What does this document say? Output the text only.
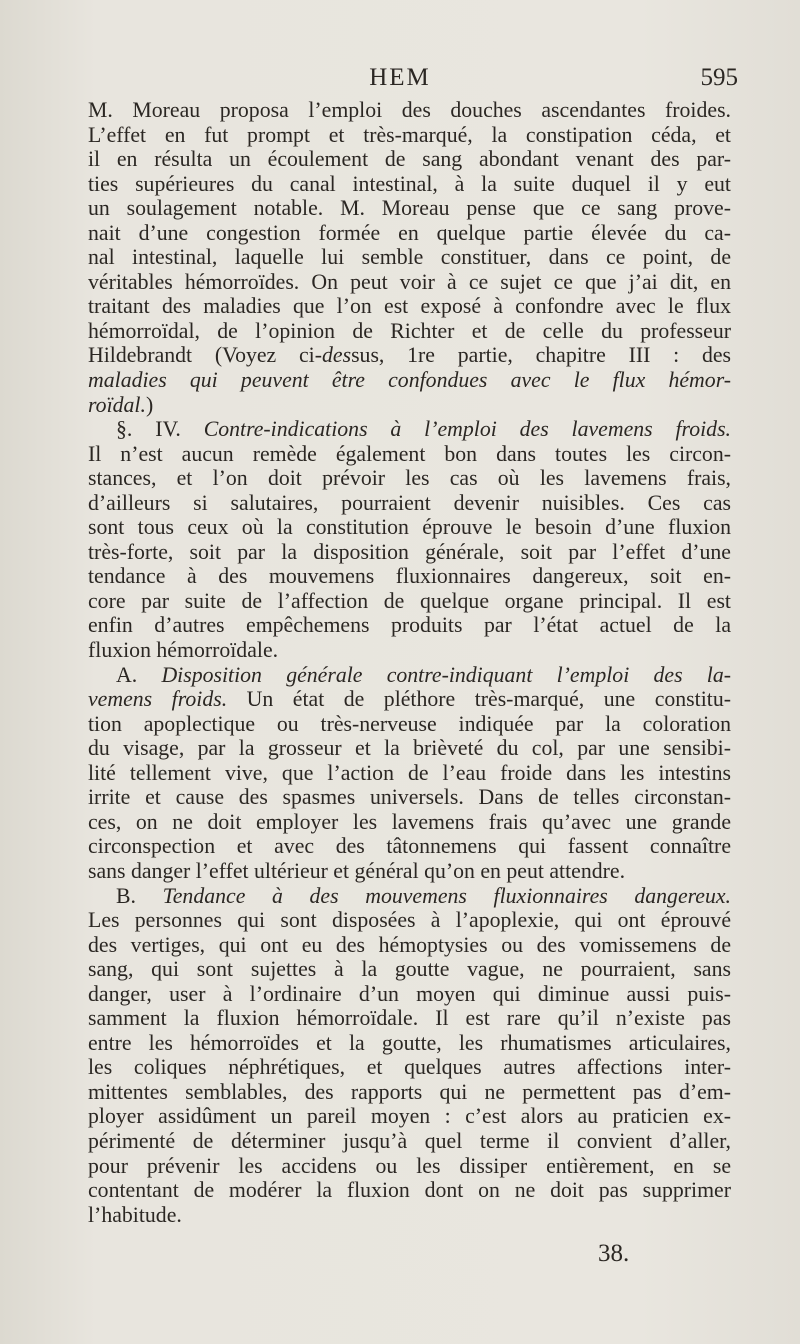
HEM	595
M. Moreau proposa l’emploi des douches ascendantes froides.
L’effet en fut prompt et très-marqué, la constipation céda, et
il en résulta un écoulement de sang abondant venant des par-
ties supérieures du canal intestinal, à la suite duquel il y eut
un soulagement notable. M. Moreau pense que ce sang prove-
nait d’une congestion formée en quelque partie élevée du ca-
nal intestinal, laquelle lui semble constituer, dans ce point, de
véritables hémorroïdes. On peut voir à ce sujet ce que j’ai dit, en
traitant des maladies que l’on est exposé à confondre avec le flux
hémorroïdal, de l’opinion de Richter et de celle du professeur
Hildebrandt (Voyez ci-dessus, 1re partie, chapitre III : des
maladies qui peuvent être confondues avec le flux hémor-
roïdal.)
§. IV. Contre-indications à l’emploi des lavemens froids.
Il n’est aucun remède également bon dans toutes les circon-
stances, et l’on doit prévoir les cas où les lavemens frais,
d’ailleurs si salutaires, pourraient devenir nuisibles. Ces cas
sont tous ceux où la constitution éprouve le besoin d’une fluxion
très-forte, soit par la disposition générale, soit par l’effet d’une
tendance à des mouvemens fluxionnaires dangereux, soit en-
core par suite de l’affection de quelque organe principal. Il est
enfin d’autres empêchemens produits par l’état actuel de la
fluxion hémorroïdale.
A. Disposition générale contre-indiquant l’emploi des la-
vemens froids. Un état de pléthore très-marqué, une constitu-
tion apoplectique ou très-nerveuse indiquée par la coloration
du visage, par la grosseur et la brièveté du col, par une sensibi-
lité tellement vive, que l’action de l’eau froide dans les intestins
irrite et cause des spasmes universels. Dans de telles circonstan-
ces, on ne doit employer les lavemens frais qu’avec une grande
circonspection et avec des tâtonnemens qui fassent connaître
sans danger l’effet ultérieur et général qu’on en peut attendre.
B. Tendance à des mouvemens fluxionnaires dangereux.
Les personnes qui sont disposées à l’apoplexie, qui ont éprouvé
des vertiges, qui ont eu des hémoptysies ou des vomissemens de
sang, qui sont sujettes à la goutte vague, ne pourraient, sans
danger, user à l’ordinaire d’un moyen qui diminue aussi puis-
samment la fluxion hémorroïdale. Il est rare qu’il n’existe pas
entre les hémorroïdes et la goutte, les rhumatismes articulaires,
les coliques néphrétiques, et quelques autres affections inter-
mittentes semblables, des rapports qui ne permettent pas d’em-
ployer assidûment un pareil moyen : c’est alors au praticien ex-
périmenté de déterminer jusqu’à quel terme il convient d’aller,
pour prévenir les accidens ou les dissiper entièrement, en se
contentant de modérer la fluxion dont on ne doit pas supprimer
l’habitude.
38.
